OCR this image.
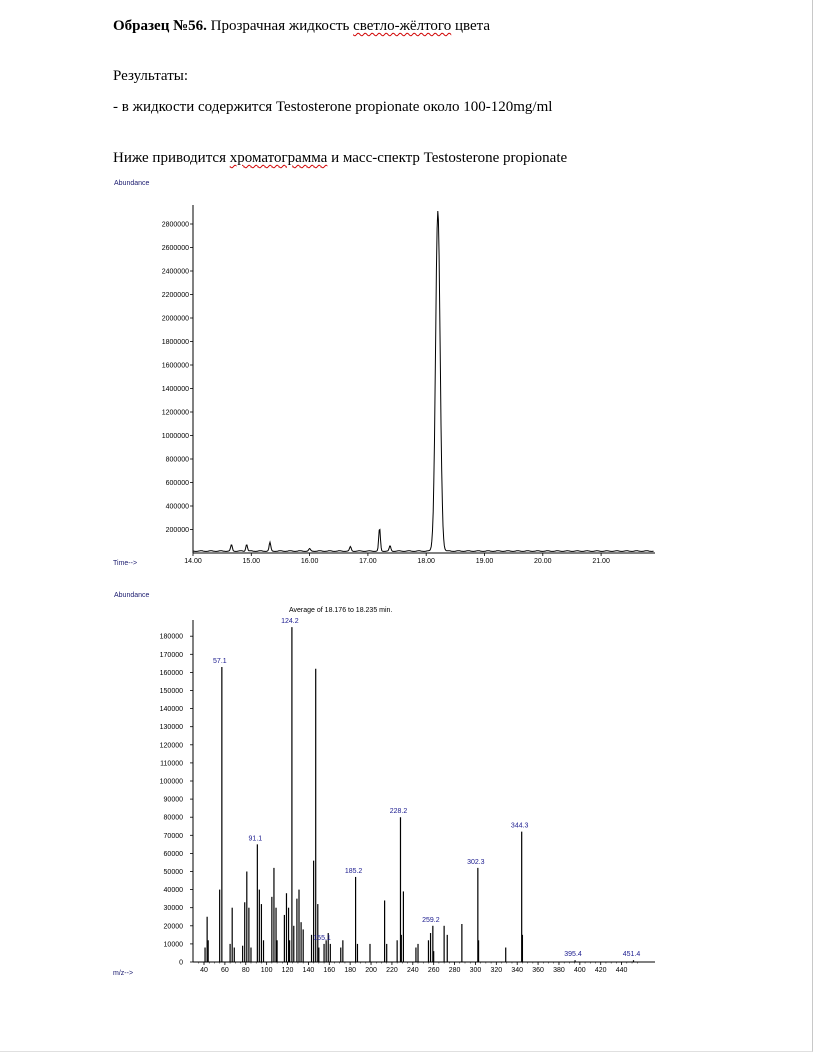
Образец №56. Прозрачная жидкость светло-жёлтого цвета
Результаты:
- в жидкости содержится Testosterone propionate около 100-120mg/ml
Ниже приводится хроматограмма и масс-спектр Testosterone propionate
Abundance
Time-->
200000
400000
600000
800000
1000000
1200000
1400000
1600000
1800000
2000000
2200000
2400000
2600000
2800000
14.00	15.00	16.00	17.00	18.00	19.00	20.00	21.00
Abundance
m/z-->
Average of 18.176 to 18.235 min.
0
10000
20000
30000
40000
50000
60000
70000
80000
90000
100000
110000
120000
130000
140000
150000
160000
170000
180000
40 60 80 100 120 140 160 180 200 220 240 260 280 300 320 340 360 380 400 420 440
57.1
91.1
124.2
155.1
185.2
228.2
259.2
302.3
344.3
395.4	451.4
